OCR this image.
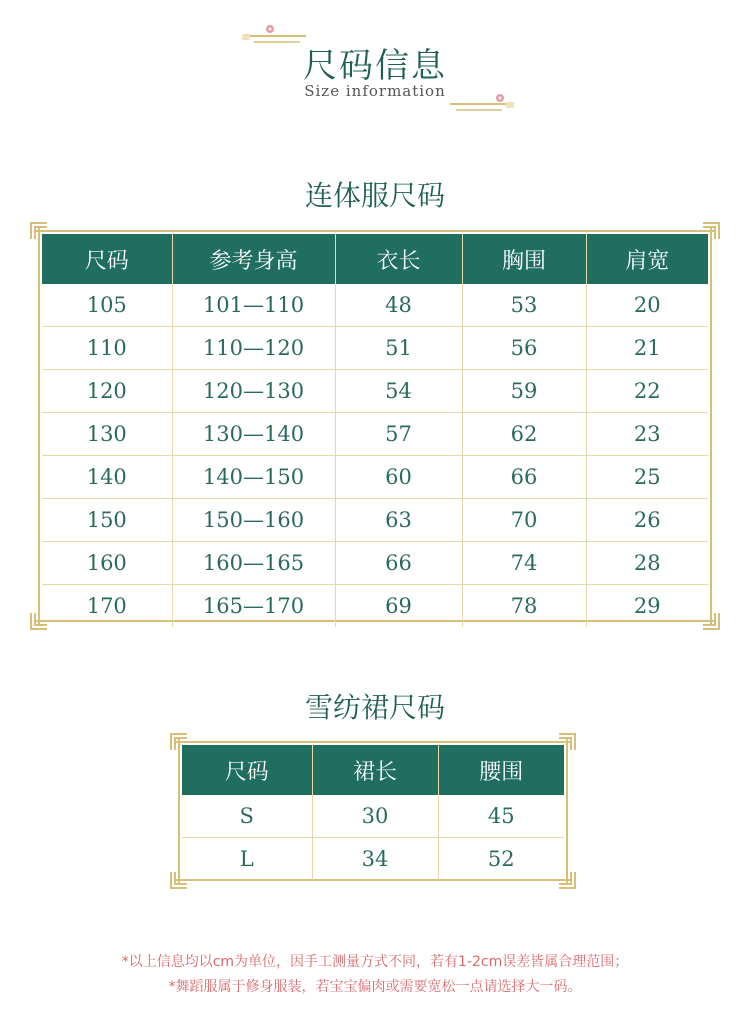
尺码信息
Size information
连体服尺码
尺码	参考身高	衣长	胸围	肩宽
105	101—110	48	53	20
110	110—120	51	56	21
120	120—130	54	59	22
130	130—140	57	62	23
140	140—150	60	66	25
150	150—160	63	70	26
160	160—165	66	74	28
170	165—170	69	78	29
雪纺裙尺码
尺码	裙长	腰围
S	30	45
L	34	52
*以上信息均以cm为单位，因手工测量方式不同，若有1-2cm误差皆属合理范围；
*舞蹈服属于修身服装，若宝宝偏肉或需要宽松一点请选择大一码。
